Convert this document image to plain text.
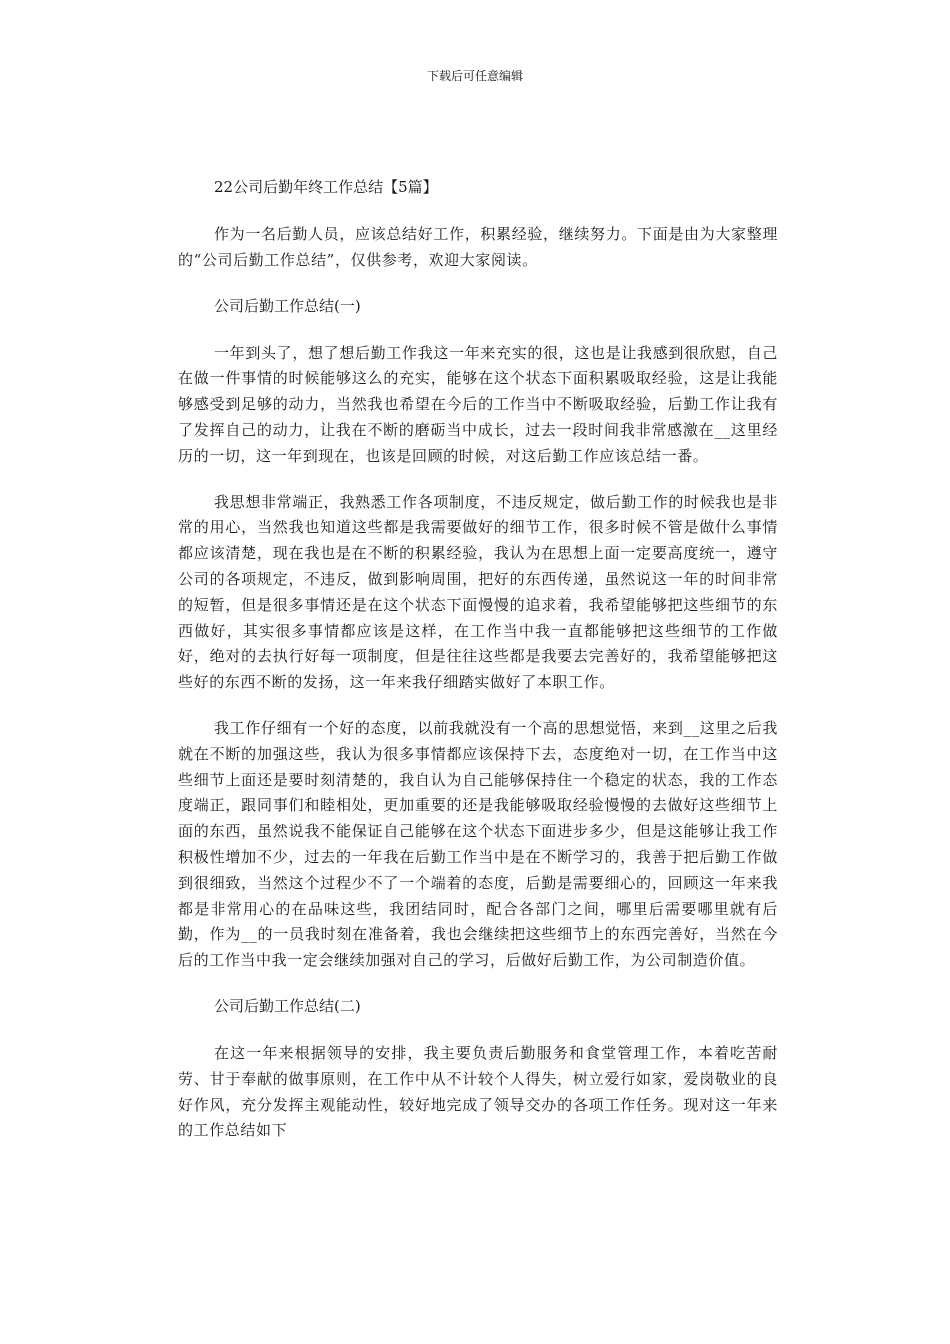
下载后可任意编辑
22公司后勤年终工作总结【5篇】

作为一名后勤人员，应该总结好工作，积累经验，继续努力。下面是由为大家整理的“公司后勤工作总结”，仅供参考，欢迎大家阅读。

公司后勤工作总结(一)

一年到头了，想了想后勤工作我这一年来充实的很，这也是让我感到很欣慰，自己在做一件事情的时候能够这么的充实，能够在这个状态下面积累吸取经验，这是让我能够感受到足够的动力，当然我也希望在今后的工作当中不断吸取经验，后勤工作让我有了发挥自己的动力，让我在不断的磨砺当中成长，过去一段时间我非常感激在__这里经历的一切，这一年到现在，也该是回顾的时候，对这后勤工作应该总结一番。

我思想非常端正，我熟悉工作各项制度，不违反规定，做后勤工作的时候我也是非常的用心，当然我也知道这些都是我需要做好的细节工作，很多时候不管是做什么事情都应该清楚，现在我也是在不断的积累经验，我认为在思想上面一定要高度统一，遵守公司的各项规定，不违反，做到影响周围，把好的东西传递，虽然说这一年的时间非常的短暂，但是很多事情还是在这个状态下面慢慢的追求着，我希望能够把这些细节的东西做好，其实很多事情都应该是这样，在工作当中我一直都能够把这些细节的工作做好，绝对的去执行好每一项制度，但是往往这些都是我要去完善好的，我希望能够把这些好的东西不断的发扬，这一年来我仔细踏实做好了本职工作。

我工作仔细有一个好的态度，以前我就没有一个高的思想觉悟，来到__这里之后我就在不断的加强这些，我认为很多事情都应该保持下去，态度绝对一切，在工作当中这些细节上面还是要时刻清楚的，我自认为自己能够保持住一个稳定的状态，我的工作态度端正，跟同事们和睦相处，更加重要的还是我能够吸取经验慢慢的去做好这些细节上面的东西，虽然说我不能保证自己能够在这个状态下面进步多少，但是这能够让我工作积极性增加不少，过去的一年我在后勤工作当中是在不断学习的，我善于把后勤工作做到很细致，当然这个过程少不了一个端着的态度，后勤是需要细心的，回顾这一年来我都是非常用心的在品味这些，我团结同时，配合各部门之间，哪里后需要哪里就有后勤，作为__的一员我时刻在准备着，我也会继续把这些细节上的东西完善好，当然在今后的工作当中我一定会继续加强对自己的学习，后做好后勤工作，为公司制造价值。

公司后勤工作总结(二)

在这一年来根据领导的安排，我主要负责后勤服务和食堂管理工作，本着吃苦耐劳、甘于奉献的做事原则，在工作中从不计较个人得失，树立爱行如家，爱岗敬业的良好作风，充分发挥主观能动性，较好地完成了领导交办的各项工作任务。现对这一年来的工作总结如下
